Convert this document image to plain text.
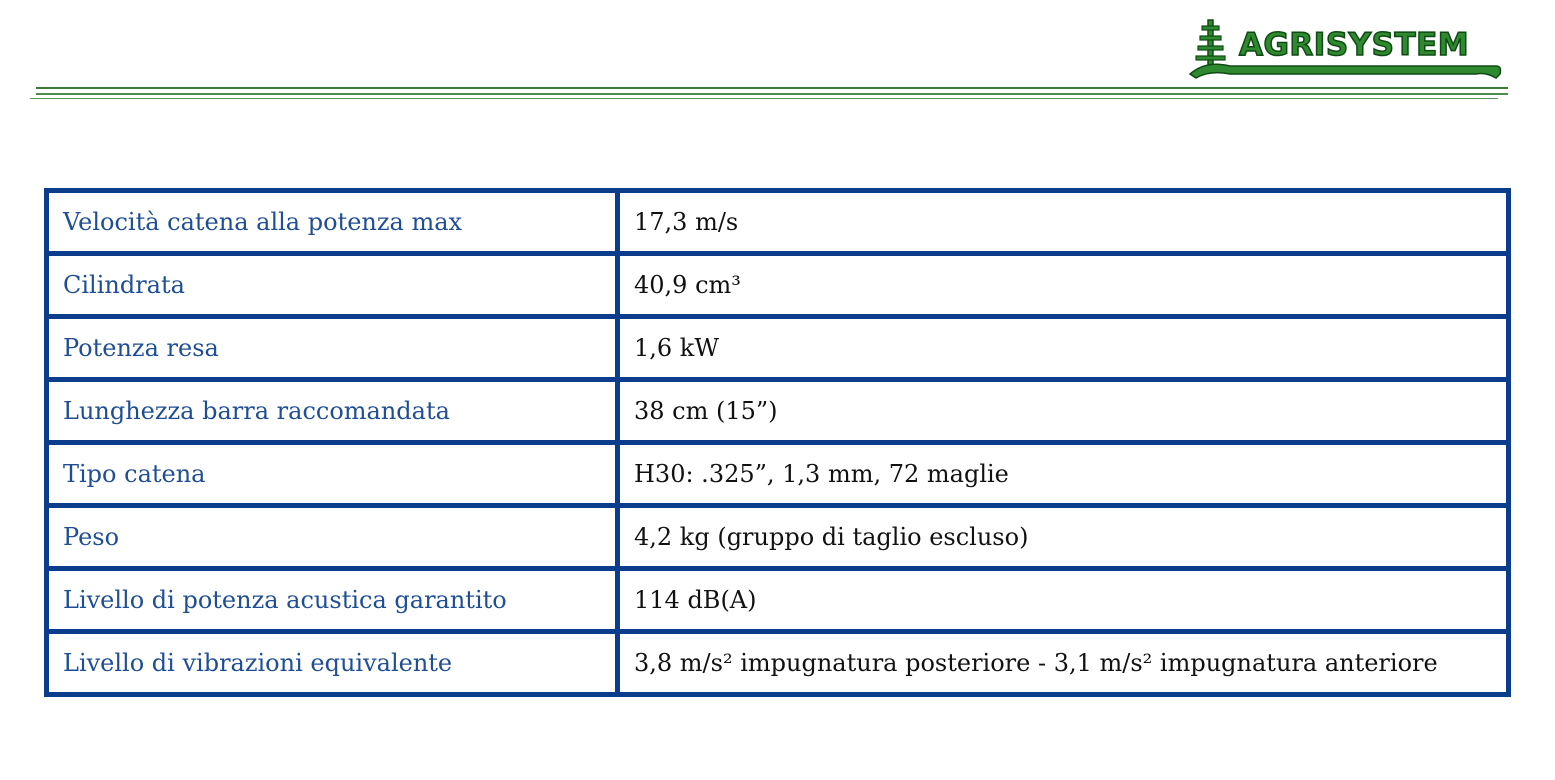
AGRISYSTEM
Velocità catena alla potenza max	17,3 m/s
Cilindrata	40,9 cm³
Potenza resa	1,6 kW
Lunghezza barra raccomandata	38 cm (15”)
Tipo catena	H30: .325”, 1,3 mm, 72 maglie
Peso	4,2 kg (gruppo di taglio escluso)
Livello di potenza acustica garantito	114 dB(A)
Livello di vibrazioni equivalente	3,8 m/s² impugnatura posteriore - 3,1 m/s² impugnatura anteriore
